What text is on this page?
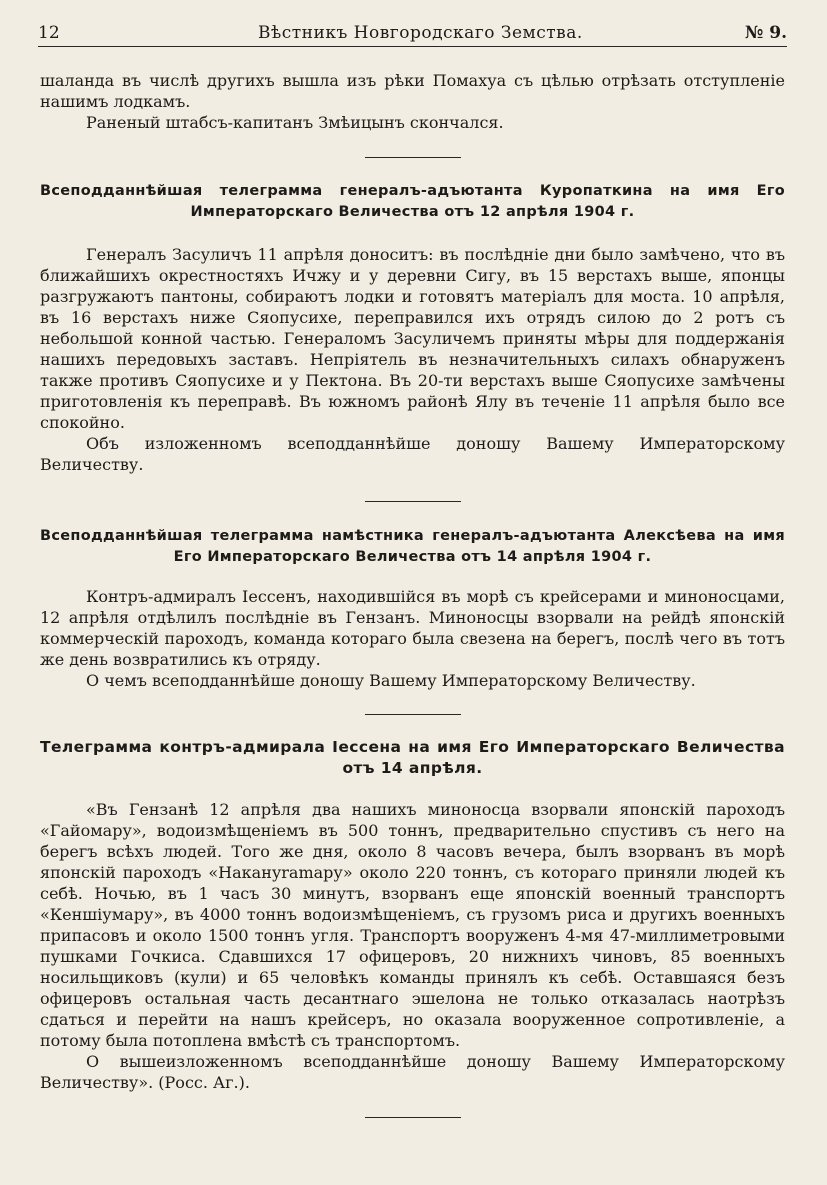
12	Вѣстникъ Новгородскаго Земства.	№ 9.

шаланда въ числѣ другихъ вышла изъ рѣки Помахуа съ цѣлью отрѣзать отступленіе нашимъ лодкамъ.

Раненый штабсъ-капитанъ Змѣицынъ скончался.

Всеподданнѣйшая телеграмма генералъ-адъютанта Куропаткина на имя Его Императорскаго Величества отъ 12 апрѣля 1904 г.

Генералъ Засуличъ 11 апрѣля доноситъ: въ послѣдніе дни было замѣчено, что въ ближайшихъ окрестностяхъ Ичжу и у деревни Сигу, въ 15 верстахъ выше, японцы разгружаютъ пантоны, собираютъ лодки и готовятъ матеріалъ для моста. 10 апрѣля, въ 16 верстахъ ниже Сяопусихе, переправился ихъ отрядъ силою до 2 ротъ съ небольшой конной частью. Генераломъ Засуличемъ приняты мѣры для поддержанія нашихъ передовыхъ заставъ. Непріятель въ незначительныхъ силахъ обнаруженъ также противъ Сяопусихе и у Пектона. Въ 20-ти верстахъ выше Сяопусихе замѣчены приготовленія къ переправѣ. Въ южномъ районѣ Ялу въ теченіе 11 апрѣля было все спокойно.

Объ изложенномъ всеподданнѣйше доношу Вашему Императорскому Величеству.

Всеподданнѣйшая телеграмма намѣстника генералъ-адъютанта Алексѣева на имя Его Императорскаго Величества отъ 14 апрѣля 1904 г.

Контръ-адмиралъ Іессенъ, находившійся въ морѣ съ крейсерами и миноносцами, 12 апрѣля отдѣлилъ послѣдніе въ Гензанъ. Миноносцы взорвали на рейдѣ японскій коммерческій пароходъ, команда котораго была свезена на берегъ, послѣ чего въ тотъ же день возвратились къ отряду.

О чемъ всеподданнѣйше доношу Вашему Императорскому Величеству.

Телеграмма контръ-адмирала Іессена на имя Его Императорскаго Величества отъ 14 апрѣля.

«Въ Гензанѣ 12 апрѣля два нашихъ миноносца взорвали японскій пароходъ «Гайомару», водоизмѣщеніемъ въ 500 тоннъ, предварительно спустивъ съ него на берегъ всѣхъ людей. Того же дня, около 8 часовъ вечера, былъ взорванъ въ морѣ японскій пароходъ «Накануramару» около 220 тоннъ, съ котораго приняли людей къ себѣ. Ночью, въ 1 часъ 30 минутъ, взорванъ еще японскій военный транспортъ «Кеншіумару», въ 4000 тоннъ водоизмѣщеніемъ, съ грузомъ риса и другихъ военныхъ припасовъ и около 1500 тоннъ угля. Транспортъ вооруженъ 4-мя 47-миллиметровыми пушками Гочкиса. Сдавшихся 17 офицеровъ, 20 нижнихъ чиновъ, 85 военныхъ носильщиковъ (кули) и 65 человѣкъ команды принялъ къ себѣ. Оставшаяся безъ офицеровъ остальная часть десантнаго эшелона не только отказалась наотрѣзъ сдаться и перейти на нашъ крейсеръ, но оказала вооруженное сопротивленіе, а потому была потоплена вмѣстѣ съ транспортомъ.

О вышеизложенномъ всеподданнѣйше доношу Вашему Императорскому Величеству». (Росс. Аг.).
